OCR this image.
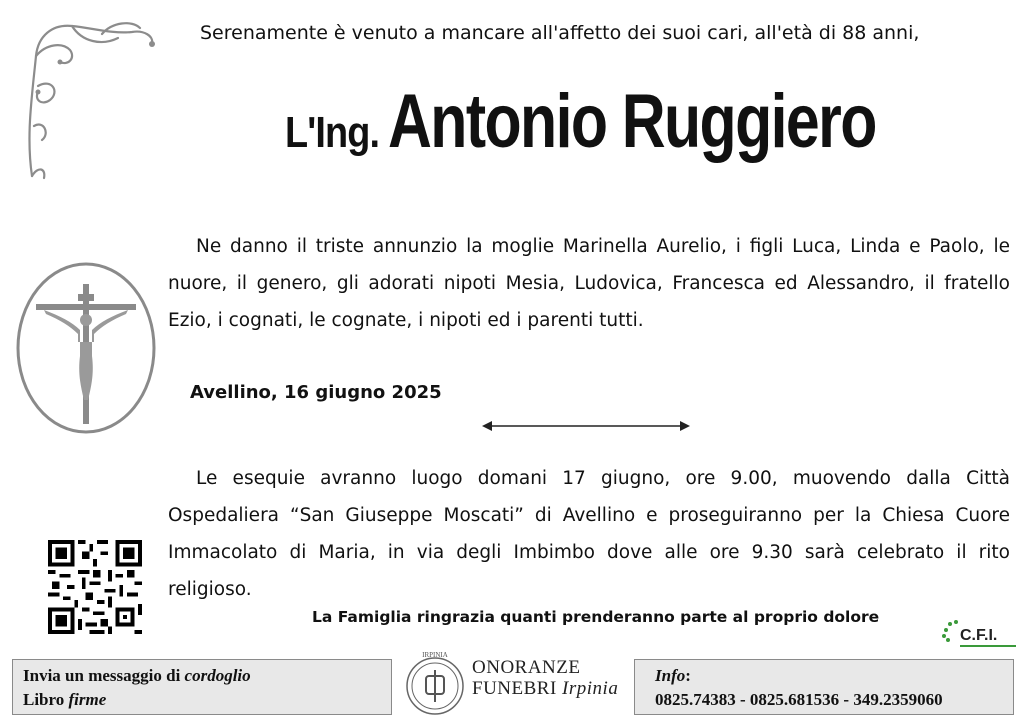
Serenamente è venuto a mancare all'affetto dei suoi cari, all'età di 88 anni,
L'Ing. Antonio Ruggiero
Ne danno il triste annunzio la moglie Marinella Aurelio, i figli Luca, Linda e Paolo, le nuore, il genero, gli adorati nipoti Mesia, Ludovica, Francesca ed Alessandro, il fratello Ezio, i cognati, le cognate, i nipoti ed i parenti tutti.
Avellino, 16 giugno 2025
Le esequie avranno luogo domani 17 giugno, ore 9.00, muovendo dalla Città Ospedaliera “San Giuseppe Moscati” di Avellino e proseguiranno per la Chiesa Cuore Immacolato di Maria, in via degli Imbimbo dove alle ore 9.30 sarà celebrato il rito religioso.
La Famiglia ringrazia quanti prenderanno parte al proprio dolore
C.F.I.
Invia un messaggio di cordoglio
Libro firme
IRPINIA
ONORANZE
FUNEBRI Irpinia
Info:
0825.74383 - 0825.681536 - 349.2359060
